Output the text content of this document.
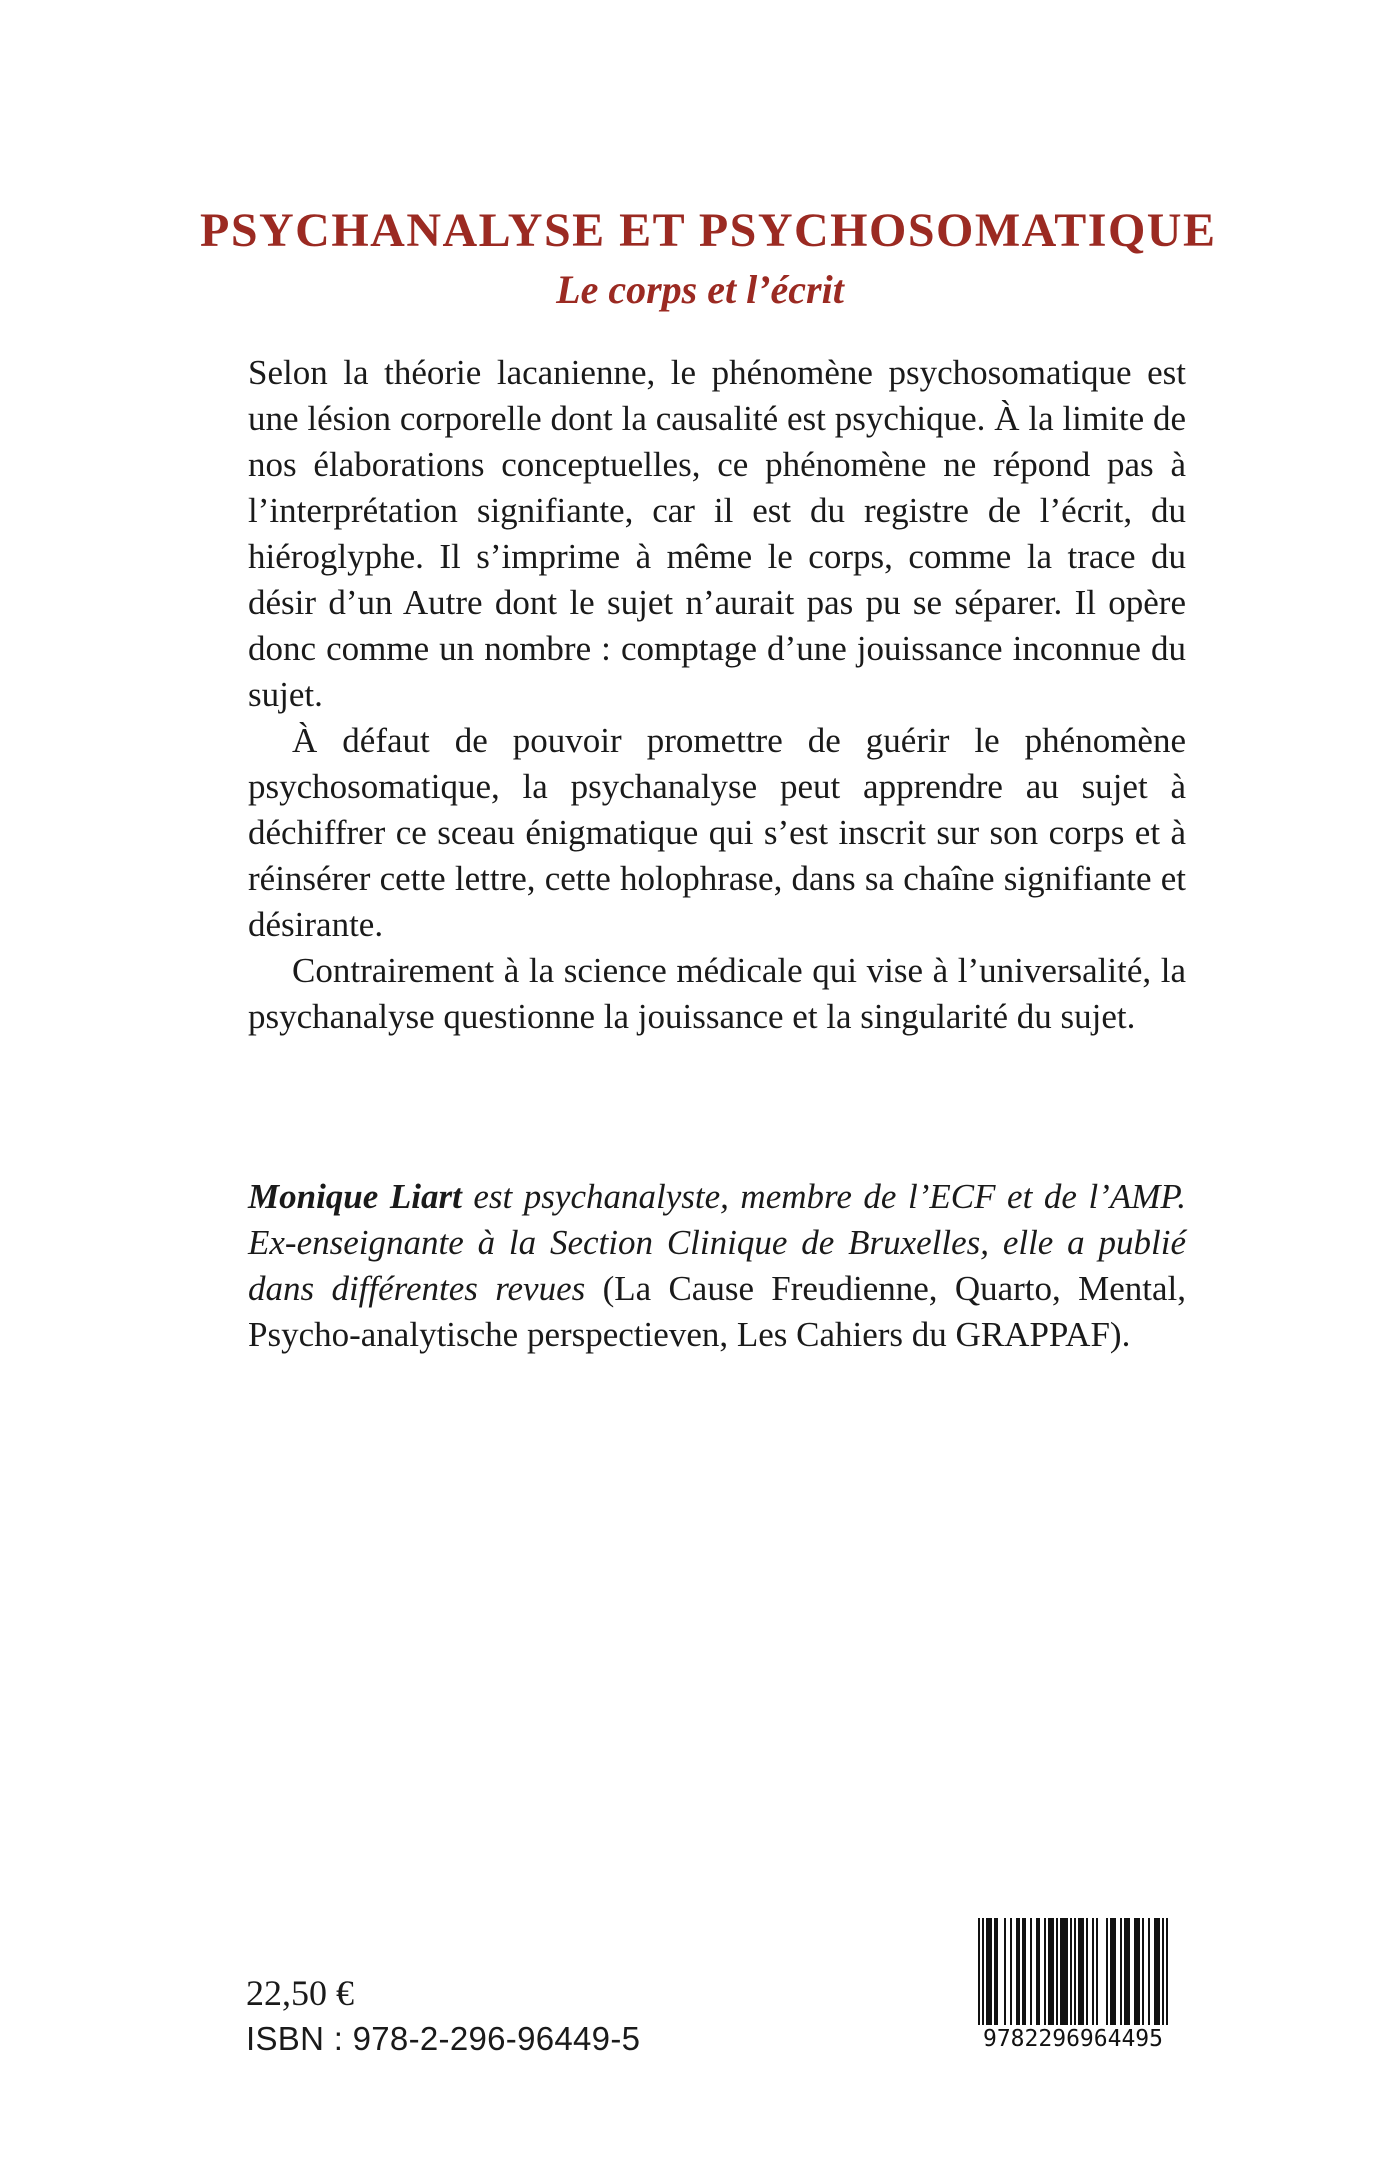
PSYCHANALYSE ET PSYCHOSOMATIQUE
Le corps et l’écrit

Selon la théorie lacanienne, le phénomène psychosomatique est une lésion corporelle dont la causalité est psychique. À la limite de nos élaborations conceptuelles, ce phénomène ne répond pas à l’interprétation signifiante, car il est du registre de l’écrit, du hiéroglyphe. Il s’imprime à même le corps, comme la trace du désir d’un Autre dont le sujet n’aurait pas pu se séparer. Il opère donc comme un nombre : comptage d’une jouissance inconnue du sujet.

À défaut de pouvoir promettre de guérir le phénomène psychosomatique, la psychanalyse peut apprendre au sujet à déchiffrer ce sceau énigmatique qui s’est inscrit sur son corps et à réinsérer cette lettre, cette holophrase, dans sa chaîne signifiante et désirante.

Contrairement à la science médicale qui vise à l’universalité, la psychanalyse questionne la jouissance et la singularité du sujet.

Monique Liart est psychanalyste, membre de l’ECF et de l’AMP. Ex-enseignante à la Section Clinique de Bruxelles, elle a publié dans différentes revues (La Cause Freudienne, Quarto, Mental, Psycho-analytische perspectieven, Les Cahiers du GRAPPAF).

22,50 €

ISBN : 978-2-296-96449-5	9782296964495
